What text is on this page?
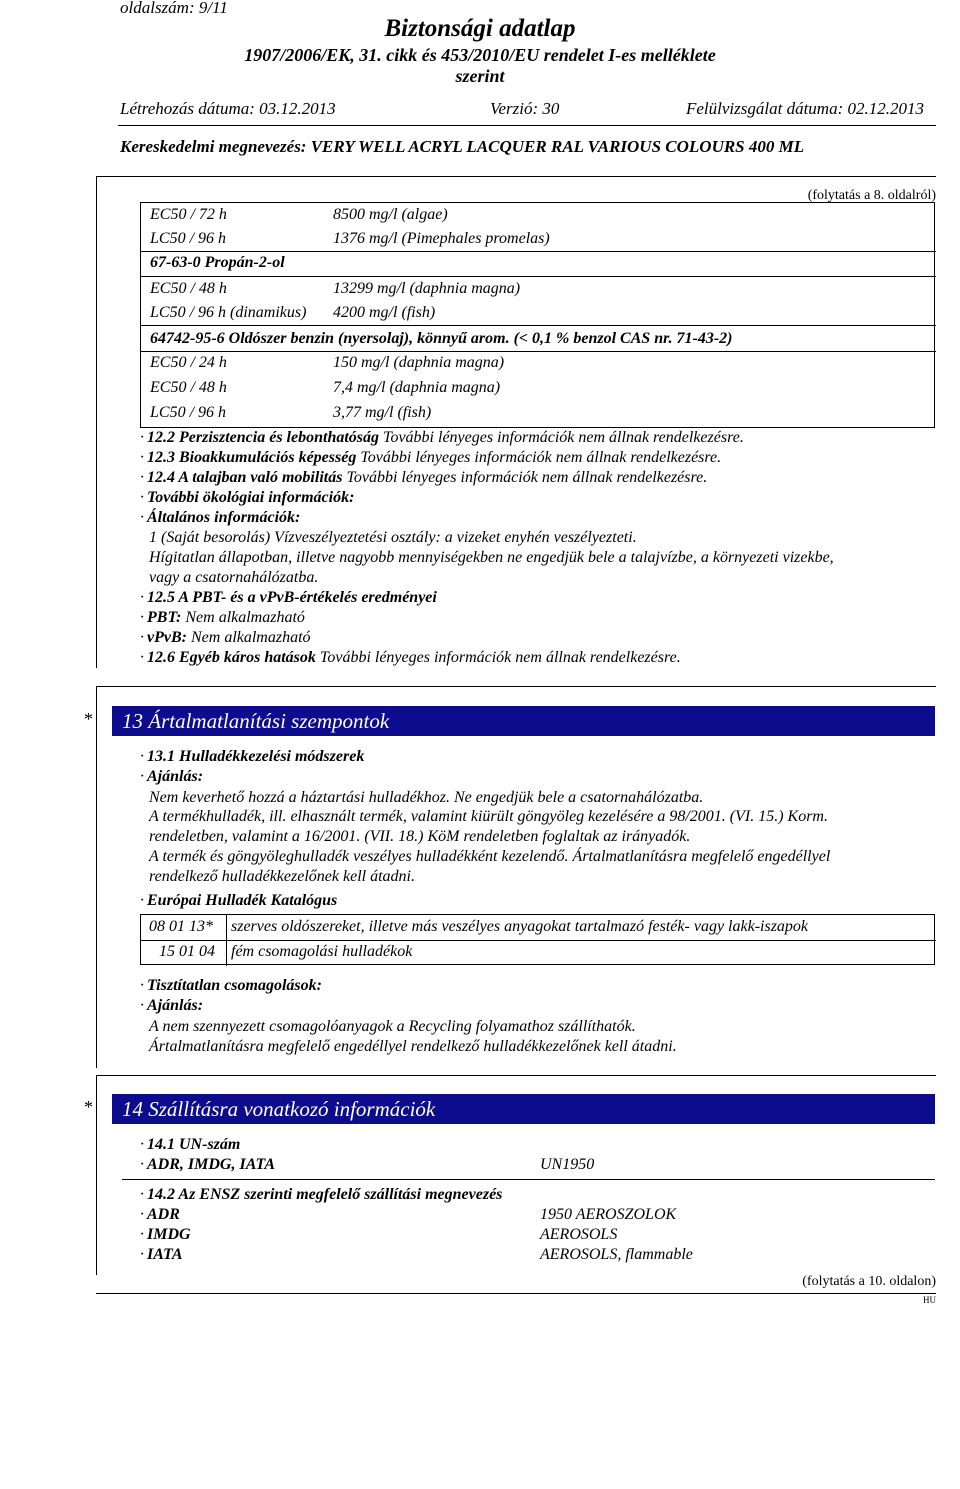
oldalszám: 9/11
Biztonsági adatlap
1907/2006/EK, 31. cikk és 453/2010/EU rendelet I-es melléklete
szerint
Létrehozás dátuma: 03.12.2013	Verzió: 30	Felülvizsgálat dátuma: 02.12.2013
Kereskedelmi megnevezés: VERY WELL ACRYL LACQUER RAL VARIOUS COLOURS 400 ML
(folytatás a 8. oldalról)
EC50 / 72 h	8500 mg/l (algae)
LC50 / 96 h	1376 mg/l (Pimephales promelas)
67-63-0 Propán-2-ol
EC50 / 48 h	13299 mg/l (daphnia magna)
LC50 / 96 h (dinamikus) 4200 mg/l (fish)
64742-95-6 Oldószer benzin (nyersolaj), könnyű arom. (< 0,1 % benzol CAS nr. 71-43-2)
EC50 / 24 h	150 mg/l (daphnia magna)
EC50 / 48 h	7,4 mg/l (daphnia magna)
LC50 / 96 h	3,77 mg/l (fish)
· 12.2 Perzisztencia és lebonthatóság További lényeges információk nem állnak rendelkezésre.
· 12.3 Bioakkumulációs képesség További lényeges információk nem állnak rendelkezésre.
· 12.4 A talajban való mobilitás További lényeges információk nem állnak rendelkezésre.
· További ökológiai információk:
· Általános információk:
1 (Saját besorolás) Vízveszélyeztetési osztály: a vizeket enyhén veszélyezteti.
Hígitatlan állapotban, illetve nagyobb mennyiségekben ne engedjük bele a talajvízbe, a környezeti vizekbe,
vagy a csatornahálózatba.
· 12.5 A PBT- és a vPvB-értékelés eredményei
· PBT: Nem alkalmazható
· vPvB: Nem alkalmazható
· 12.6 Egyéb káros hatások További lényeges információk nem állnak rendelkezésre.
*	13 Ártalmatlanítási szempontok
· 13.1 Hulladékkezelési módszerek
· Ajánlás:
Nem keverhető hozzá a háztartási hulladékhoz. Ne engedjük bele a csatornahálózatba.
A termékhulladék, ill. elhasznált termék, valamint kiürült göngyöleg kezelésére a 98/2001. (VI. 15.) Korm.
rendeletben, valamint a 16/2001. (VII. 18.) KöM rendeletben foglaltak az irányadók.
A termék és göngyöleghulladék veszélyes hulladékként kezelendő. Ártalmatlanításra megfelelő engedéllyel
rendelkező hulladékkezelőnek kell átadni.
· Európai Hulladék Katalógus
08 01 13* szerves oldószereket, illetve más veszélyes anyagokat tartalmazó festék- vagy lakk-iszapok
15 01 04 fém csomagolási hulladékok
· Tisztítatlan csomagolások:
· Ajánlás:
A nem szennyezett csomagolóanyagok a Recycling folyamathoz szállíthatók.
Ártalmatlanításra megfelelő engedéllyel rendelkező hulladékkezelőnek kell átadni.
*	14 Szállításra vonatkozó információk
· 14.1 UN-szám
· ADR, IMDG, IATA	UN1950
· 14.2 Az ENSZ szerinti megfelelő szállítási megnevezés
· ADR	1950 AEROSZOLOK
· IMDG	AEROSOLS
· IATA	AEROSOLS, flammable
(folytatás a 10. oldalon)
HU
